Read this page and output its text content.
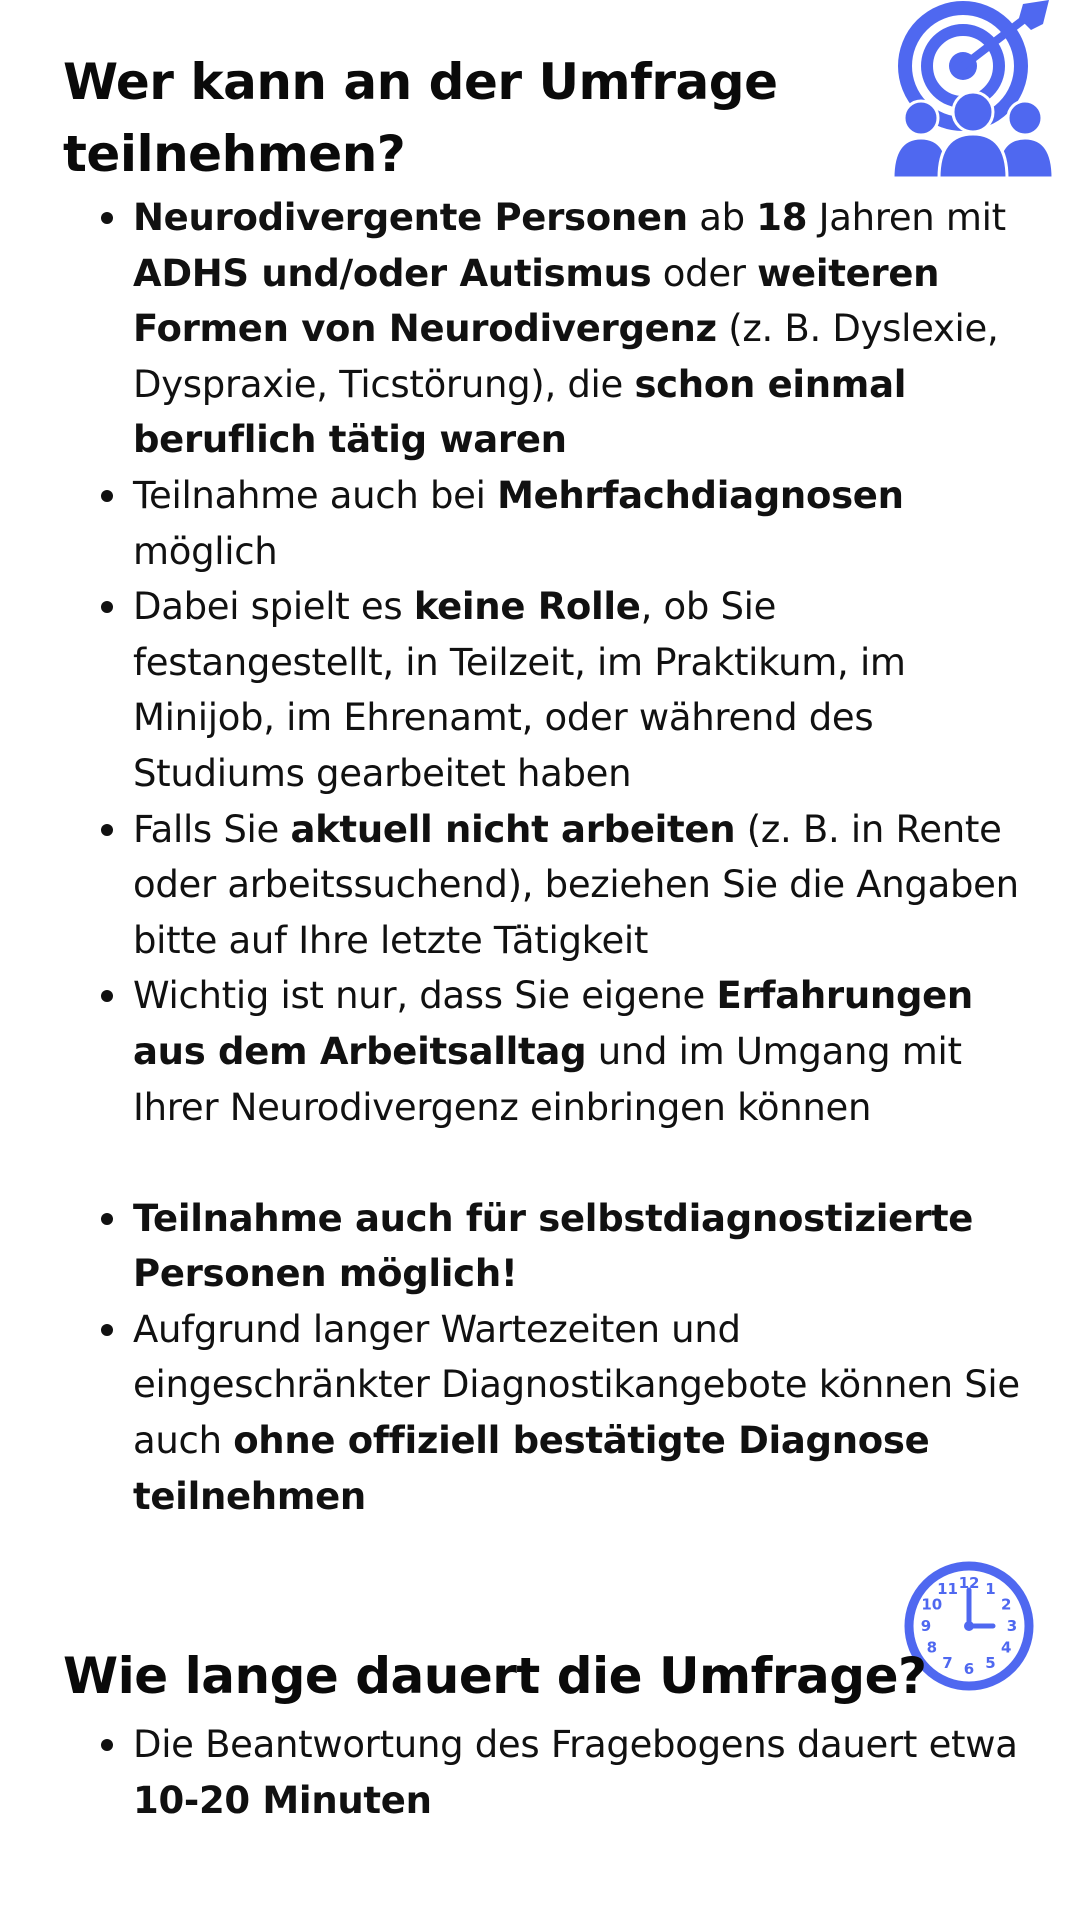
Wer kann an der Umfrage teilnehmen?
Neurodivergente Personen ab 18 Jahren mit ADHS und/oder Autismus oder weiteren Formen von Neurodivergenz (z. B. Dyslexie, Dyspraxie, Ticstörung), die schon einmal beruflich tätig waren
Teilnahme auch bei Mehrfachdiagnosen möglich
Dabei spielt es keine Rolle, ob Sie festangestellt, in Teilzeit, im Praktikum, im Minijob, im Ehrenamt, oder während des Studiums gearbeitet haben
Falls Sie aktuell nicht arbeiten (z. B. in Rente oder arbeitssuchend), beziehen Sie die Angaben bitte auf Ihre letzte Tätigkeit
Wichtig ist nur, dass Sie eigene Erfahrungen aus dem Arbeitsalltag und im Umgang mit Ihrer Neurodivergenz einbringen können
Teilnahme auch für selbstdiagnostizierte Personen möglich!
Aufgrund langer Wartezeiten und eingeschränkter Diagnostikangebote können Sie auch ohne offiziell bestätigte Diagnose teilnehmen
12 1
2
3
4
5
6
7
8
9
10
11
Wie lange dauert die Umfrage?
Die Beantwortung des Fragebogens dauert etwa 10-20 Minuten
